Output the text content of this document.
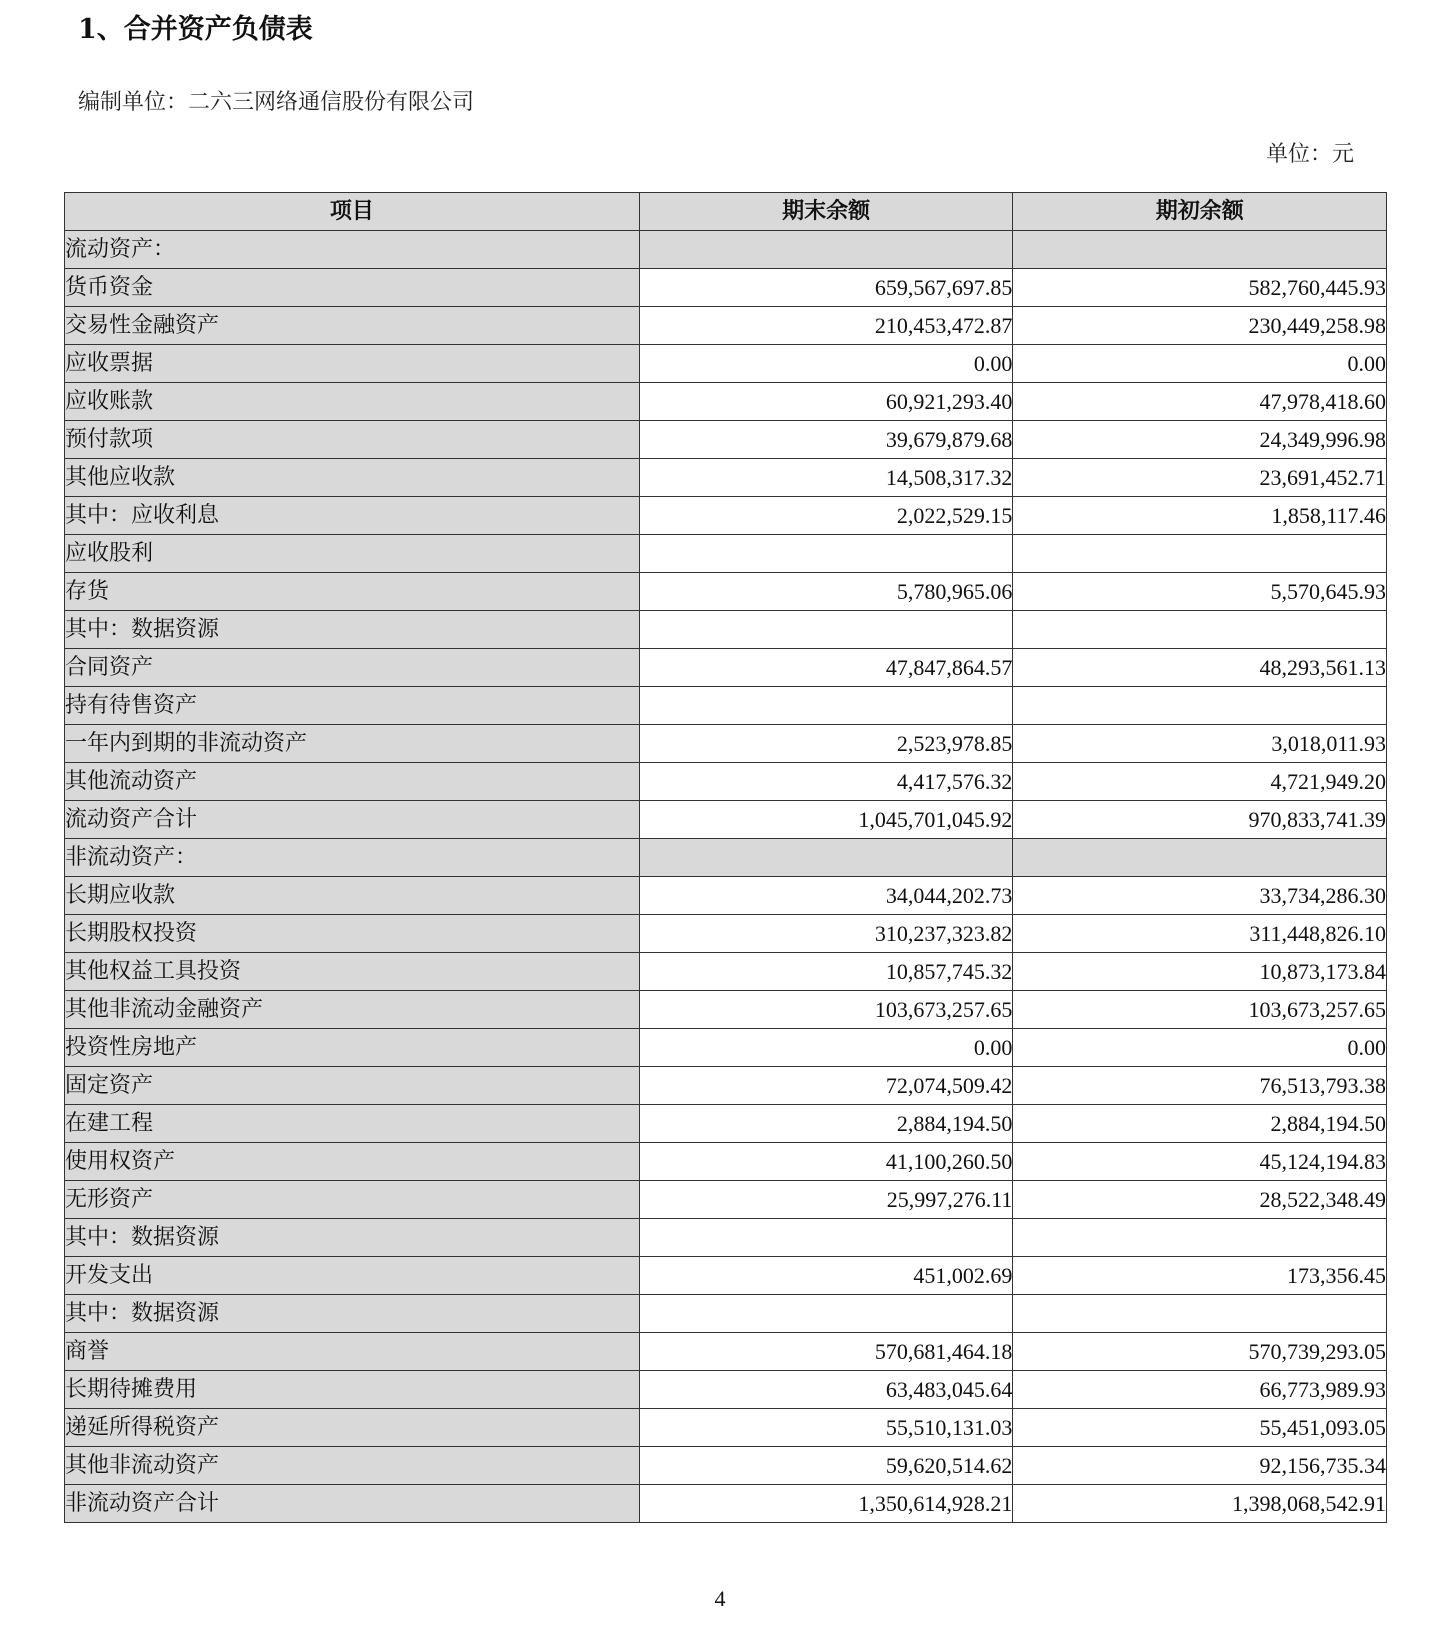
1、合并资产负债表
编制单位：二六三网络通信股份有限公司
单位：元
项目	期末余额	期初余额
流动资产：		
货币资金	659,567,697.85	582,760,445.93
交易性金融资产	210,453,472.87	230,449,258.98
应收票据	0.00	0.00
应收账款	60,921,293.40	47,978,418.60
预付款项	39,679,879.68	24,349,996.98
其他应收款	14,508,317.32	23,691,452.71
其中：应收利息	2,022,529.15	1,858,117.46
应收股利		
存货	5,780,965.06	5,570,645.93
其中：数据资源		
合同资产	47,847,864.57	48,293,561.13
持有待售资产		
一年内到期的非流动资产	2,523,978.85	3,018,011.93
其他流动资产	4,417,576.32	4,721,949.20
流动资产合计	1,045,701,045.92	970,833,741.39
非流动资产：		
长期应收款	34,044,202.73	33,734,286.30
长期股权投资	310,237,323.82	311,448,826.10
其他权益工具投资	10,857,745.32	10,873,173.84
其他非流动金融资产	103,673,257.65	103,673,257.65
投资性房地产	0.00	0.00
固定资产	72,074,509.42	76,513,793.38
在建工程	2,884,194.50	2,884,194.50
使用权资产	41,100,260.50	45,124,194.83
无形资产	25,997,276.11	28,522,348.49
其中：数据资源		
开发支出	451,002.69	173,356.45
其中：数据资源		
商誉	570,681,464.18	570,739,293.05
长期待摊费用	63,483,045.64	66,773,989.93
递延所得税资产	55,510,131.03	55,451,093.05
其他非流动资产	59,620,514.62	92,156,735.34
非流动资产合计	1,350,614,928.21	1,398,068,542.91
4
